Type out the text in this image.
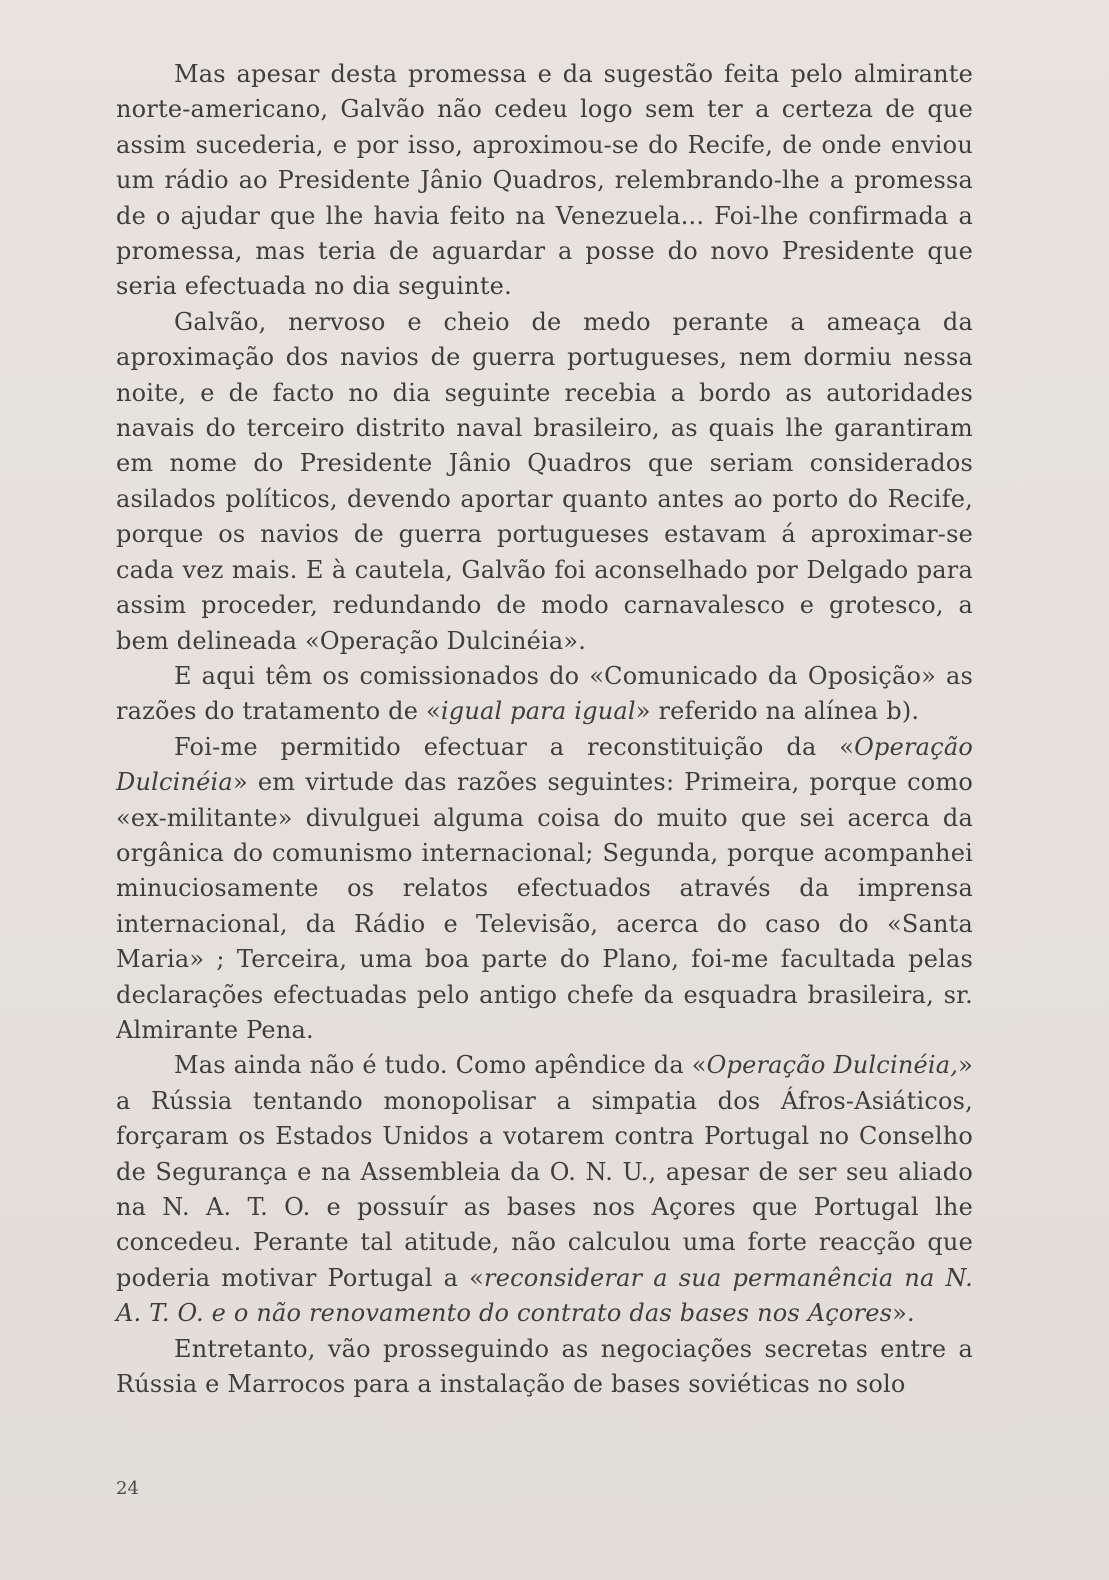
Mas apesar desta promessa e da sugestão feita pelo almirante norte-americano, Galvão não cedeu logo sem ter a certeza de que assim sucederia, e por isso, aproximou-se do Recife, de onde enviou um rádio ao Presidente Jânio Quadros, relembrando-lhe a promessa de o ajudar que lhe havia feito na Venezuela... Foi-lhe confirmada a promessa, mas teria de aguardar a posse do novo Presidente que seria efectuada no dia seguinte.

Galvão, nervoso e cheio de medo perante a ameaça da aproximação dos navios de guerra portugueses, nem dormiu nessa noite, e de facto no dia seguinte recebia a bordo as autoridades navais do terceiro distrito naval brasileiro, as quais lhe garantiram em nome do Presidente Jânio Quadros que seriam considerados asilados políticos, devendo aportar quanto antes ao porto do Recife, porque os navios de guerra portugueses estavam á aproximar-se cada vez mais. E à cautela, Galvão foi aconselhado por Delgado para assim proceder, redundando de modo carnavalesco e grotesco, a bem delineada «Operação Dulcinéia».

E aqui têm os comissionados do «Comunicado da Oposição» as razões do tratamento de «igual para igual» referido na alínea b).

Foi-me permitido efectuar a reconstituição da «Operação Dulcinéia» em virtude das razões seguintes: Primeira, porque como «ex-militante» divulguei alguma coisa do muito que sei acerca da orgânica do comunismo internacional; Segunda, porque acompanhei minuciosamente os relatos efectuados através da imprensa internacional, da Rádio e Televisão, acerca do caso do «Santa Maria» ; Terceira, uma boa parte do Plano, foi-me facultada pelas declarações efectuadas pelo antigo chefe da esquadra brasileira, sr. Almirante Pena.

Mas ainda não é tudo. Como apêndice da «Operação Dulcinéia,» a Rússia tentando monopolisar a simpatia dos Áfros-Asiáticos, forçaram os Estados Unidos a votarem contra Portugal no Conselho de Segurança e na Assembleia da O. N. U., apesar de ser seu aliado na N. A. T. O. e possuír as bases nos Açores que Portugal lhe concedeu. Perante tal atitude, não calculou uma forte reacção que poderia motivar Portugal a «reconsiderar a sua permanência na N. A. T. O. e o não renovamento do contrato das bases nos Açores».

Entretanto, vão prosseguindo as negociações secretas entre a Rússia e Marrocos para a instalação de bases soviéticas no solo

24
